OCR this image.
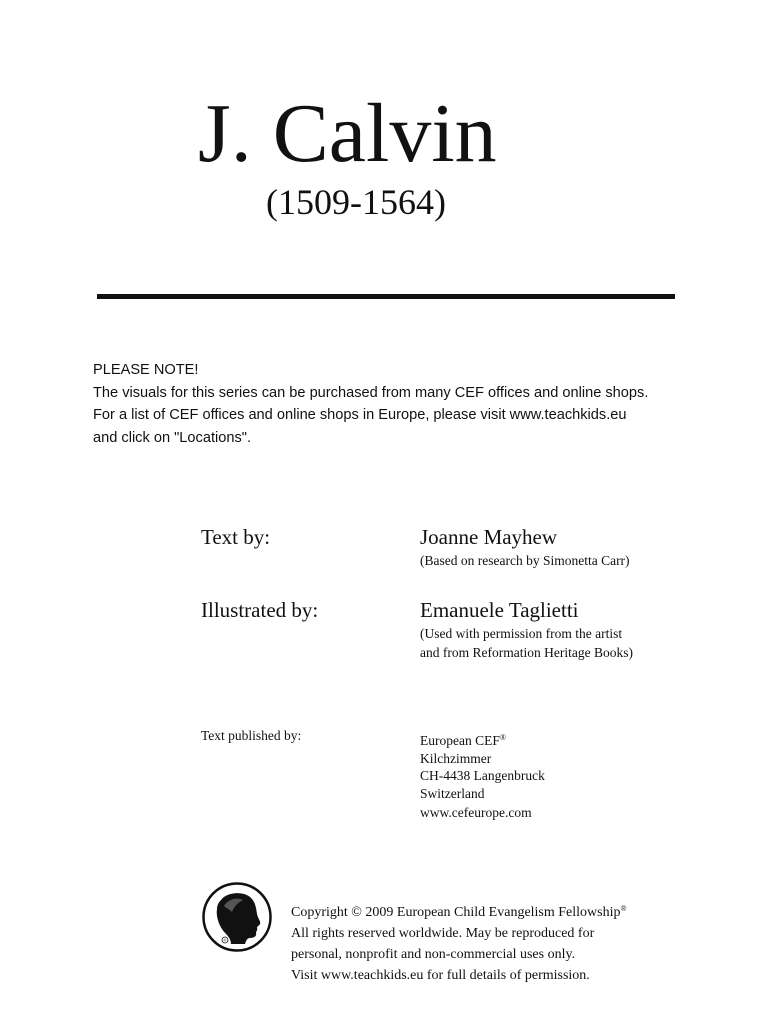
J. Calvin
(1509-1564)
PLEASE NOTE!
The visuals for this series can be purchased from many CEF offices and online shops.
For a list of CEF offices and online shops in Europe, please visit www.teachkids.eu
and click on "Locations".
Text by:	Joanne Mayhew
(Based on research by Simonetta Carr)
Illustrated by:	Emanuele Taglietti
(Used with permission from the artist
and from Reformation Heritage Books)
Text published by:	European CEF®
Kilchzimmer
CH-4438 Langenbruck
Switzerland
www.cefeurope.com
®
Copyright © 2009 European Child Evangelism Fellowship®
All rights reserved worldwide. May be reproduced for
personal, nonprofit and non-commercial uses only.
Visit www.teachkids.eu for full details of permission.
